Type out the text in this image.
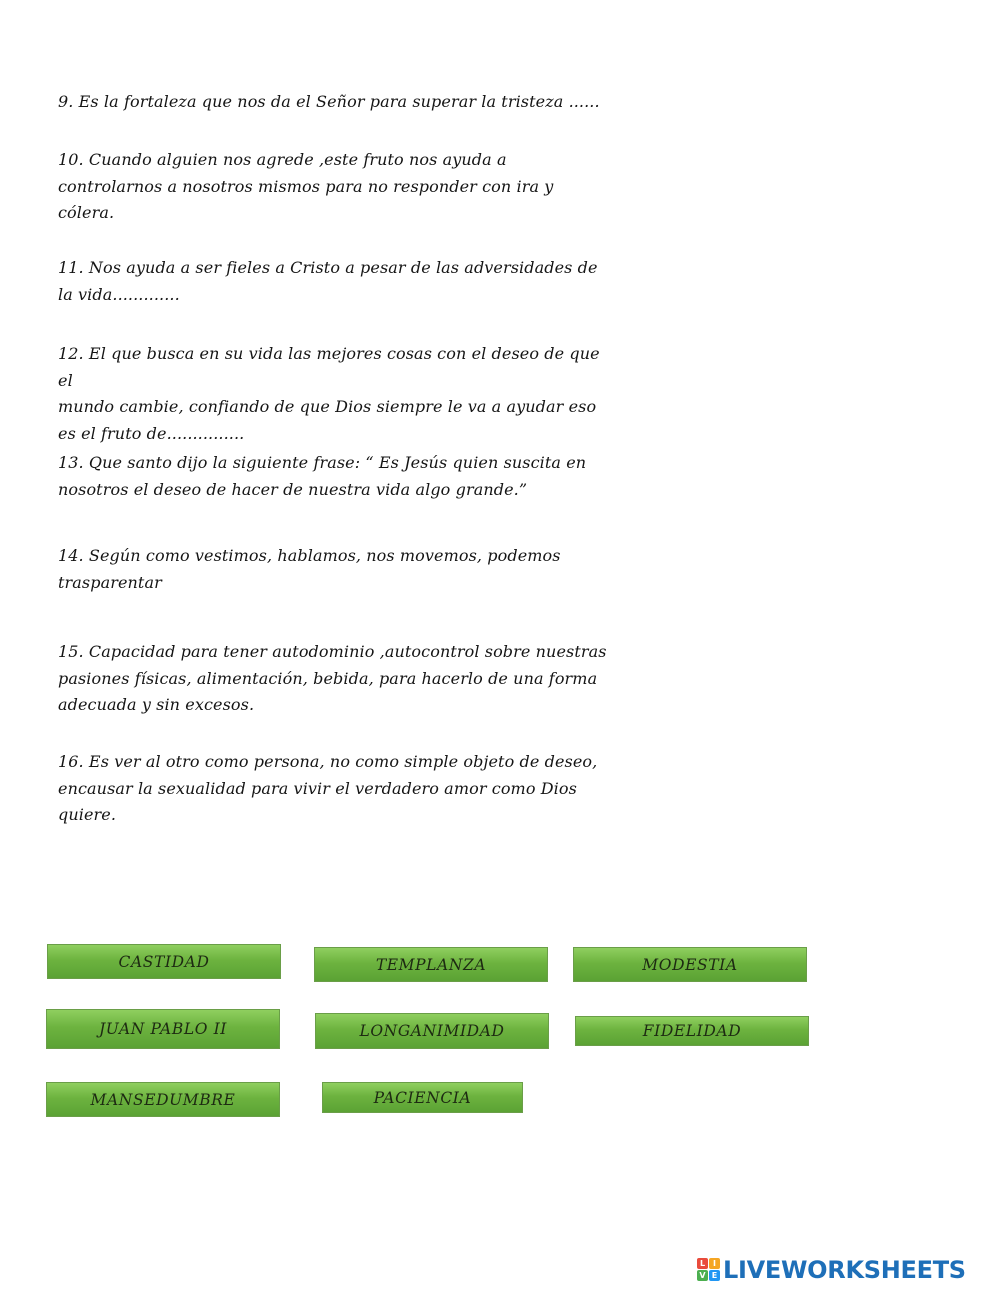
9. Es la fortaleza que nos da el Señor para superar la tristeza ......
10. Cuando alguien nos agrede ,este fruto nos ayuda a
controlarnos a nosotros mismos para no responder con ira y
cólera.
11. Nos ayuda a ser fieles a Cristo a pesar de las adversidades de
la vida.............
12. El que busca en su vida las mejores cosas con el deseo de que el
mundo cambie, confiando de que Dios siempre le va a ayudar eso
es el fruto de...............
13. Que santo dijo la siguiente frase: “ Es Jesús quien suscita en
nosotros el deseo de hacer de nuestra vida algo grande.”
14. Según como vestimos, hablamos, nos movemos, podemos
trasparentar
15. Capacidad para tener autodominio ,autocontrol sobre nuestras
pasiones físicas, alimentación, bebida, para hacerlo de una forma
adecuada y sin excesos.
16. Es ver al otro como persona, no como simple objeto de deseo,
encausar la sexualidad para vivir el verdadero amor como Dios
quiere.
CASTIDAD	TEMPLANZA	MODESTIA
JUAN PABLO II	LONGANIMIDAD	FIDELIDAD
MANSEDUMBRE	PACIENCIA
L I
V E LIVEWORKSHEETS
